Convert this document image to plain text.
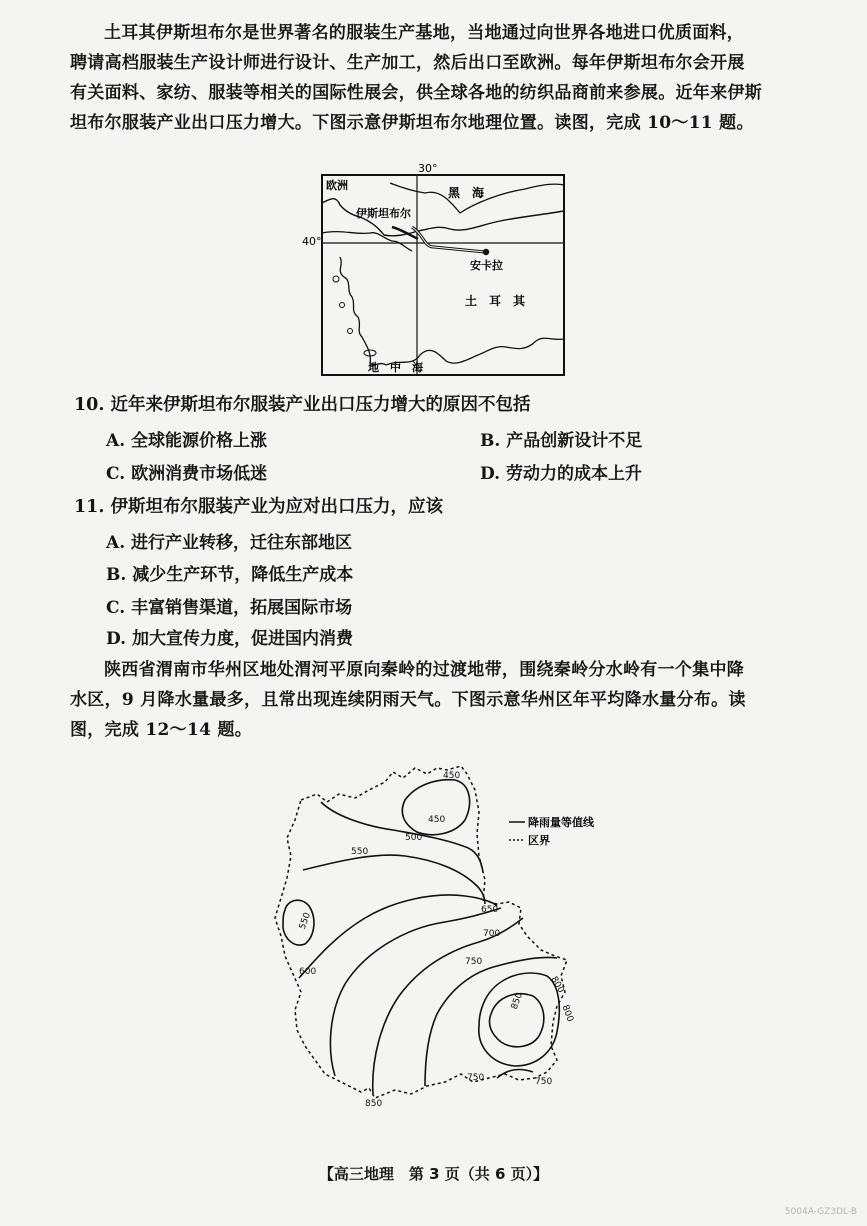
土耳其伊斯坦布尔是世界著名的服装生产基地，当地通过向世界各地进口优质面料，
聘请高档服装生产设计师进行设计、生产加工，然后出口至欧洲。每年伊斯坦布尔会开展
有关面料、家纺、服装等相关的国际性展会，供全球各地的纺织品商前来参展。近年来伊斯
坦布尔服装产业出口压力增大。下图示意伊斯坦布尔地理位置。读图，完成 10～11 题。
30°
40°
欧洲
黑　海
伊斯坦布尔
安卡拉
土　耳　其
地　中　海
10. 近年来伊斯坦布尔服装产业出口压力增大的原因不包括
A. 全球能源价格上涨	B. 产品创新设计不足
C. 欧洲消费市场低迷	D. 劳动力的成本上升
11. 伊斯坦布尔服装产业为应对出口压力，应该
A. 进行产业转移，迁往东部地区
B. 减少生产环节，降低生产成本
C. 丰富销售渠道，拓展国际市场
D. 加大宣传力度，促进国内消费
陕西省渭南市华州区地处渭河平原向秦岭的过渡地带，围绕秦岭分水岭有一个集中降
水区，9 月降水量最多，且常出现连续阴雨天气。下图示意华州区年平均降水量分布。读
图，完成 12～14 题。
450
450
500
550
550
600
650
700
750
750	750
800
800
850
850
降雨量等值线
区界
【高三地理　第 3 页（共 6 页）】
5004A-GZ3DL-B
